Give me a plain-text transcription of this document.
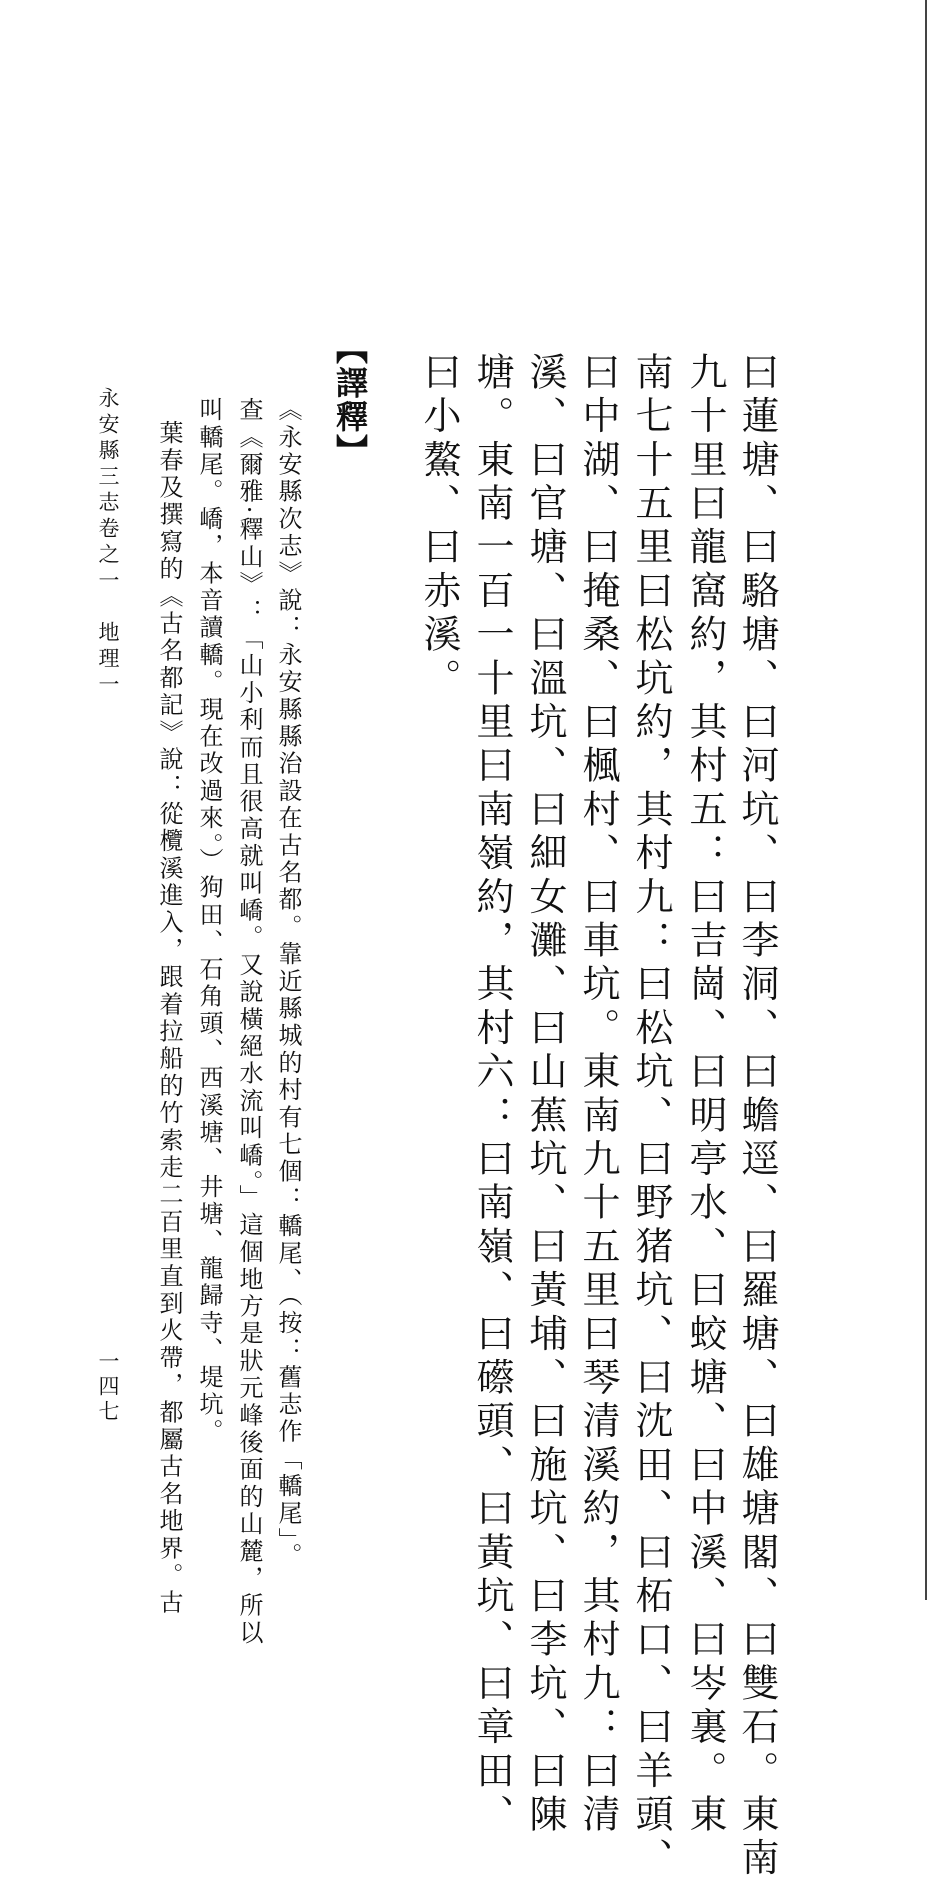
曰蓮塘、曰駱塘、曰河坑、曰李洞、曰蟾逕、曰羅塘、曰雄塘閣、曰雙石。東南
九十里曰龍窩約，其村五：曰吉崗、曰明亭水、曰蛟塘、曰中溪、曰岑裏。東
南七十五里曰松坑約，其村九：曰松坑、曰野猪坑、曰沈田、曰柘口、曰羊頭、
曰中湖、曰掩桑、曰楓村、曰車坑。東南九十五里曰琴清溪約，其村九：曰清
溪、曰官塘、曰溫坑、曰細女灘、曰山蕉坑、曰黃埔、曰施坑、曰李坑、曰陳
塘。東南一百一十里曰南嶺約，其村六：曰南嶺、曰礤頭、曰黃坑、曰章田、
曰小鰲、曰赤溪。
【譯釋】
《永安縣次志》說：永安縣縣治設在古名都。靠近縣城的村有七個：轎尾、（按：舊志作「轎尾」。
查《爾雅·釋山》：「山小利而且很高就叫嶠。又說橫絕水流叫嶠。」這個地方是狀元峰後面的山麓，所以
叫轎尾。嶠，本音讀轎。現在改過來。）狗田、石角頭、西溪塘、井塘、龍歸寺、堤坑。
葉春及撰寫的《古名都記》說：從欖溪進入，跟着拉船的竹索走二百里直到火帶，都屬古名地界。古
永安縣三志卷之一　地理一
一四七
